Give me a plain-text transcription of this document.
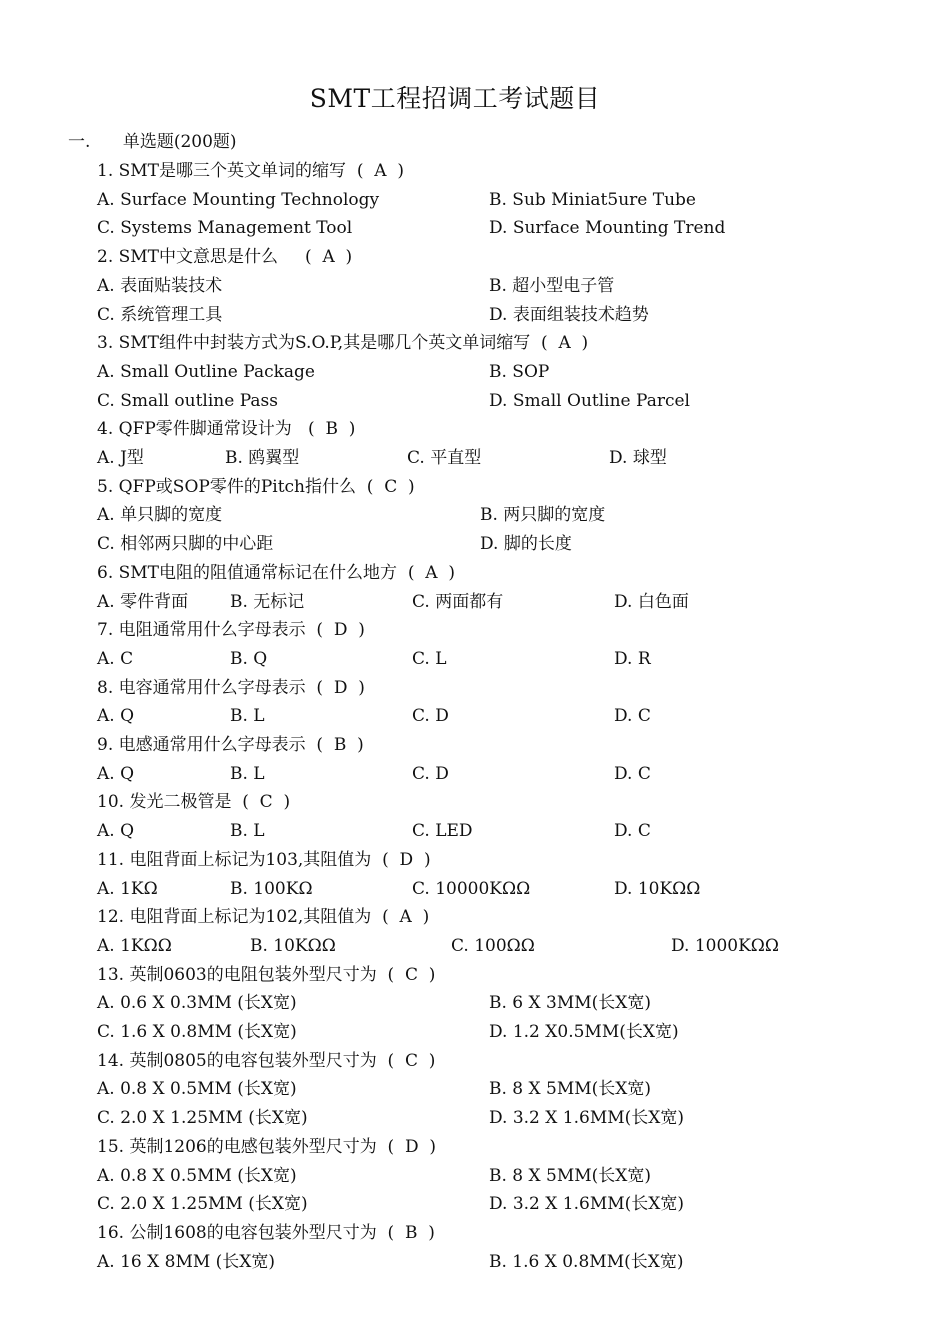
SMT工程招调工考试题目
一.      单选题(200题)
1. SMT是哪三个英文单词的缩写  (  A  )
A. Surface Mounting Technology	B. Sub Miniat5ure Tube
C. Systems Management Tool	D. Surface Mounting Trend
2. SMT中文意思是什么     (  A  )
A. 表面贴装技术	B. 超小型电子管
C. 系统管理工具	D. 表面组装技术趋势
3. SMT组件中封装方式为S.O.P,其是哪几个英文单词缩写  (  A  )
A. Small Outline Package	B. SOP
C. Small outline Pass	D. Small Outline Parcel
4. QFP零件脚通常设计为   (  B  )
A. J型	B. 鸥翼型	C. 平直型	D. 球型
5. QFP或SOP零件的Pitch指什么  (  C  )
A. 单只脚的宽度	B. 两只脚的宽度
C. 相邻两只脚的中心距	D. 脚的长度
6. SMT电阻的阻值通常标记在什么地方  (  A  )
A. 零件背面 B. 无标记	C. 两面都有	D. 白色面
7. 电阻通常用什么字母表示  (  D  )
A. C	B. Q	C. L	D. R
8. 电容通常用什么字母表示  (  D  )
A. Q	B. L	C. D	D. C
9. 电感通常用什么字母表示  (  B  )
A. Q	B. L	C. D	D. C
10. 发光二极管是  (  C  )
A. Q	B. L	C. LED	D. C
11. 电阻背面上标记为103,其阻值为  (  D  )
A. 1KΩ	B. 100KΩ	C. 10000KΩΩ	D. 10KΩΩ
12. 电阻背面上标记为102,其阻值为  (  A  )
A. 1KΩΩ	B. 10KΩΩ	C. 100ΩΩ	D. 1000KΩΩ
13. 英制0603的电阻包装外型尺寸为  (  C  )
A. 0.6 X 0.3MM (长X宽)	B. 6 X 3MM(长X宽)
C. 1.6 X 0.8MM (长X宽)	D. 1.2 X0.5MM(长X宽)
14. 英制0805的电容包装外型尺寸为  (  C  )
A. 0.8 X 0.5MM (长X宽)	B. 8 X 5MM(长X宽)
C. 2.0 X 1.25MM (长X宽)	D. 3.2 X 1.6MM(长X宽)
15. 英制1206的电感包装外型尺寸为  (  D  )
A. 0.8 X 0.5MM (长X宽)	B. 8 X 5MM(长X宽)
C. 2.0 X 1.25MM (长X宽)	D. 3.2 X 1.6MM(长X宽)
16. 公制1608的电容包装外型尺寸为  (  B  )
A. 16 X 8MM (长X宽)	B. 1.6 X 0.8MM(长X宽)
